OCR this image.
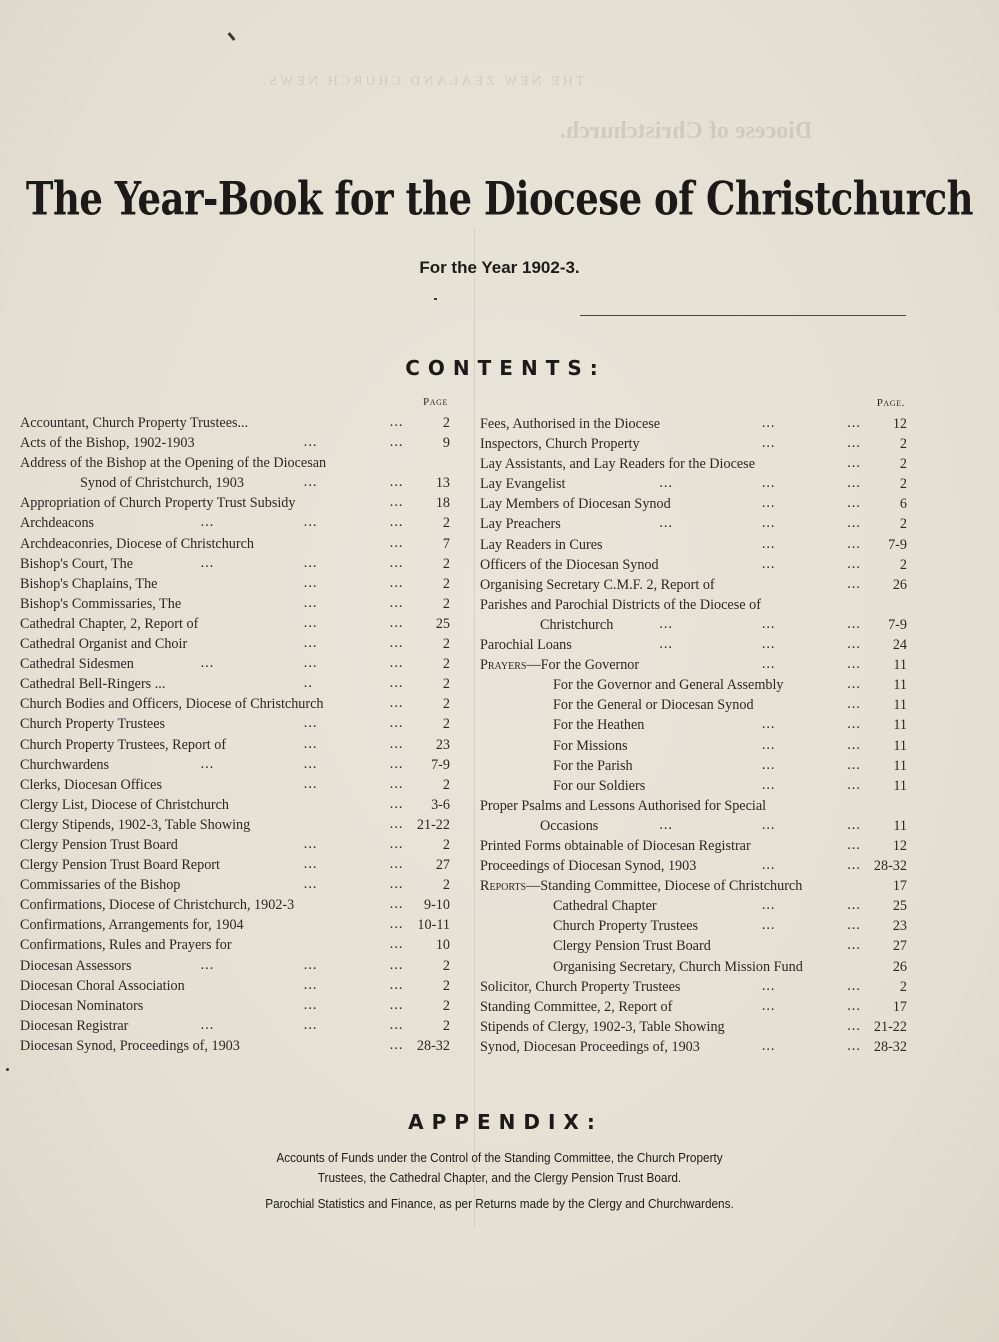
THE NEW ZEALAND CHURCH NEWS.
Diocese of Christchurch.
The Year-Book for the Diocese of Christchurch
For the Year 1902-3.
CONTENTS:
Page
Accountant, Church Property Trustees...	...	2
Acts of the Bishop, 1902-1903	...	...	9
Address of the Bishop at the Opening of the Diocesan
Synod of Christchurch, 1903	...	... 13
Appropriation of Church Property Trust Subsidy	... 18
Archdeacons	...	...	...	2
Archdeaconries, Diocese of Christchurch	...	7
Bishop's Court, The	...	...	...	2
Bishop's Chaplains, The	...	...	2
Bishop's Commissaries, The	...	...	2
Cathedral Chapter, 2, Report of	...	... 25
Cathedral Organist and Choir	...	...	2
Cathedral Sidesmen	...	...	...	2
Cathedral Bell-Ringers ...	..	...	2
Church Bodies and Officers, Diocese of Christchurch	...	2
Church Property Trustees	...	...	2
Church Property Trustees, Report of	...	... 23
Churchwardens	...	...	... 7-9
Clerks, Diocesan Offices	...	...	2
Clergy List, Diocese of Christchurch	... 3-6
Clergy Stipends, 1902-3, Table Showing	... 21-22
Clergy Pension Trust Board	...	...	2
Clergy Pension Trust Board Report	...	... 27
Commissaries of the Bishop	...	...	2
Confirmations, Diocese of Christchurch, 1902-3	... 9-10
Confirmations, Arrangements for, 1904	... 10-11
Confirmations, Rules and Prayers for	... 10
Diocesan Assessors	...	...	...	2
Diocesan Choral Association	...	...	2
Diocesan Nominators	...	...	2
Diocesan Registrar	...	...	...	2
Diocesan Synod, Proceedings of, 1903	... 28-32
Page.
Fees, Authorised in the Diocese	...	... 12
Inspectors, Church Property	...	...	2
Lay Assistants, and Lay Readers for the Diocese	...	2
Lay Evangelist	...	...	...	2
Lay Members of Diocesan Synod	...	...	6
Lay Preachers	...	...	...	2
Lay Readers in Cures	...	... 7-9
Officers of the Diocesan Synod	...	...	2
Organising Secretary C.M.F. 2, Report of	... 26
Parishes and Parochial Districts of the Diocese of
Christchurch	...	...	... 7-9
Parochial Loans	...	...	... 24
Prayers—For the Governor	...	... 11
For the Governor and General Assembly	... 11
For the General or Diocesan Synod	... 11
For the Heathen	...	... 11
For Missions	...	... 11
For the Parish	...	... 11
For our Soldiers	...	... 11
Proper Psalms and Lessons Authorised for Special
Occasions	...	...	... 11
Printed Forms obtainable of Diocesan Registrar	... 12
Proceedings of Diocesan Synod, 1903	...	... 28-32
Reports—Standing Committee, Diocese of Christchurch	17
Cathedral Chapter	...	... 25
Church Property Trustees	...	... 23
Clergy Pension Trust Board	... 27
Organising Secretary, Church Mission Fund	26
Solicitor, Church Property Trustees	...	...	2
Standing Committee, 2, Report of	...	... 17
Stipends of Clergy, 1902-3, Table Showing	... 21-22
Synod, Diocesan Proceedings of, 1903	...	... 28-32
APPENDIX:
Accounts of Funds under the Control of the Standing Committee, the Church Property
Trustees, the Cathedral Chapter, and the Clergy Pension Trust Board.
Parochial Statistics and Finance, as per Returns made by the Clergy and Churchwardens.
